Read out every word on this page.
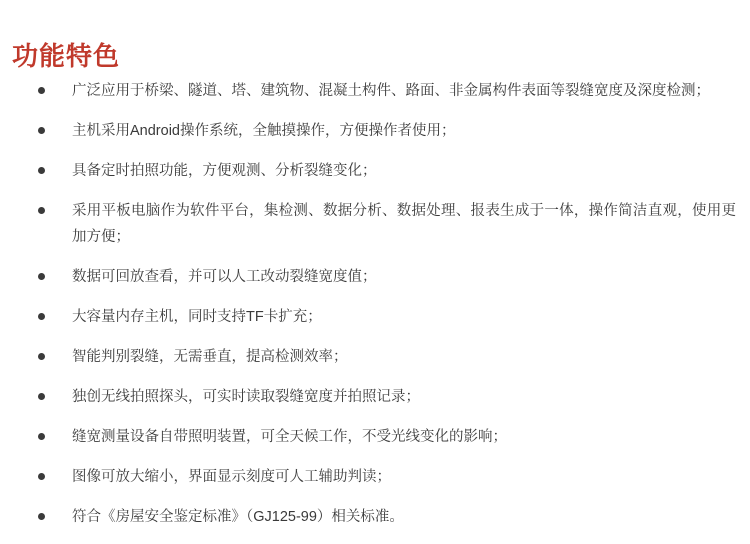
功能特色
广泛应用于桥梁、隧道、塔、建筑物、混凝土构件、路面、非金属构件表面等裂缝宽度及深度检测；
主机采用Android操作系统，全触摸操作，方便操作者使用；
具备定时拍照功能，方便观测、分析裂缝变化；
采用平板电脑作为软件平台，集检测、数据分析、数据处理、报表生成于一体，操作简洁直观，使用更加方便；
数据可回放查看，并可以人工改动裂缝宽度值；
大容量内存主机，同时支持TF卡扩充；
智能判别裂缝，无需垂直，提高检测效率；
独创无线拍照探头，可实时读取裂缝宽度并拍照记录；
缝宽测量设备自带照明装置，可全天候工作，不受光线变化的影响；
图像可放大缩小，界面显示刻度可人工辅助判读；
符合《房屋安全鉴定标准》（GJ125-99）相关标准。
